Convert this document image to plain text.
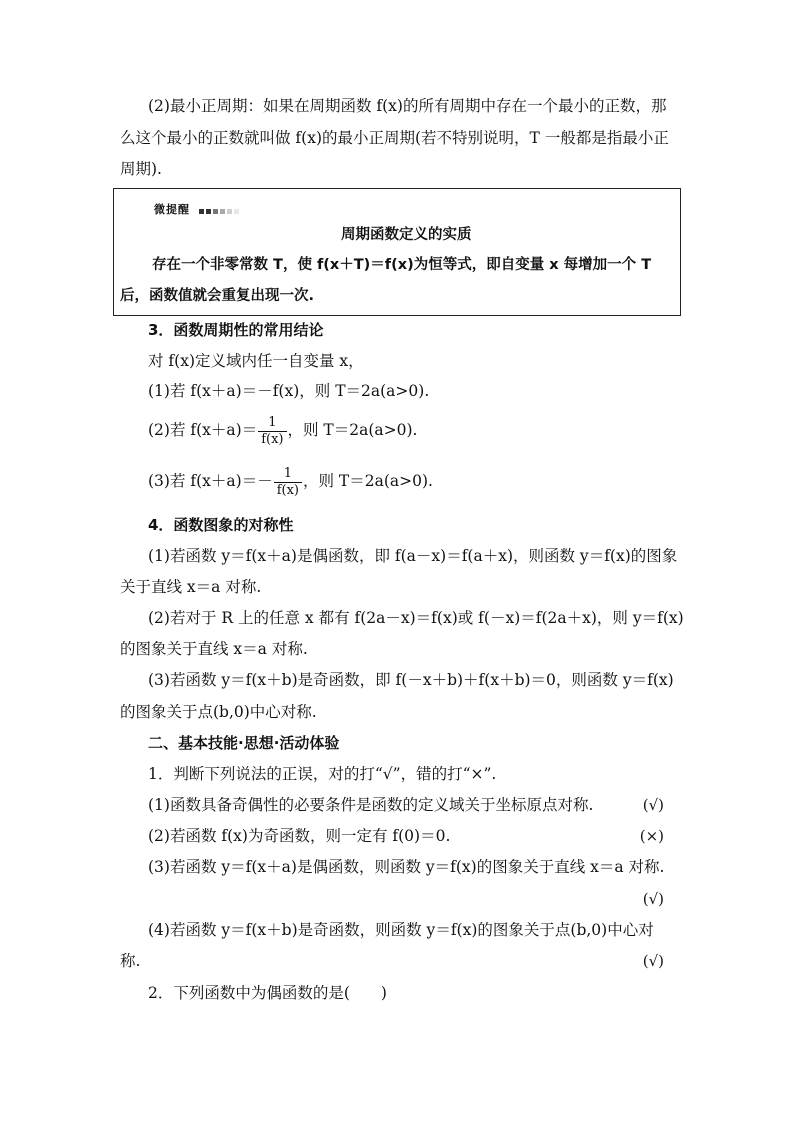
(2)最小正周期：如果在周期函数 f(x)的所有周期中存在一个最小的正数，那
么这个最小的正数就叫做 f(x)的最小正周期(若不特别说明，T 一般都是指最小正
周期).
微提醒
周期函数定义的实质
存在一个非零常数 T，使 f(x＋T)＝f(x)为恒等式，即自变量 x 每增加一个 T
后，函数值就会重复出现一次.
3．函数周期性的常用结论
对 f(x)定义域内任一自变量 x，
(1)若 f(x＋a)＝－f(x)，则 T＝2a(a>0).
(2)若 $f(x+a)= \frac{1}{f(x)}$ ，则 T＝2a(a>0).
(3)若 $f(x+a)=- \frac{1}{f(x)}$ ，则 T＝2a(a>0).
4．函数图象的对称性
(1)若函数 y＝f(x＋a)是偶函数，即 f(a－x)＝f(a＋x)，则函数 y＝f(x)的图象
关于直线 x＝a 对称.
(2)若对于 R 上的任意 x 都有 f(2a－x)＝f(x)或 f(－x)＝f(2a＋x)，则 y＝f(x)
的图象关于直线 x＝a 对称.
(3)若函数 y＝f(x＋b)是奇函数，即 f(－x＋b)＋f(x＋b)＝0，则函数 y＝f(x)
的图象关于点(b,0)中心对称.
二、基本技能·思想·活动体验
1．判断下列说法的正误，对的打“√”，错的打“×”.
(1)函数具备奇偶性的必要条件是函数的定义域关于坐标原点对称.	(√)
(2)若函数 f(x)为奇函数，则一定有 f(0)＝0.	(×)
(3)若函数 y＝f(x＋a)是偶函数，则函数 y＝f(x)的图象关于直线 x＝a 对称.
(√)
(4)若函数 y＝f(x＋b)是奇函数，则函数 y＝f(x)的图象关于点(b,0)中心对
称.	(√)
2．下列函数中为偶函数的是(　　)
